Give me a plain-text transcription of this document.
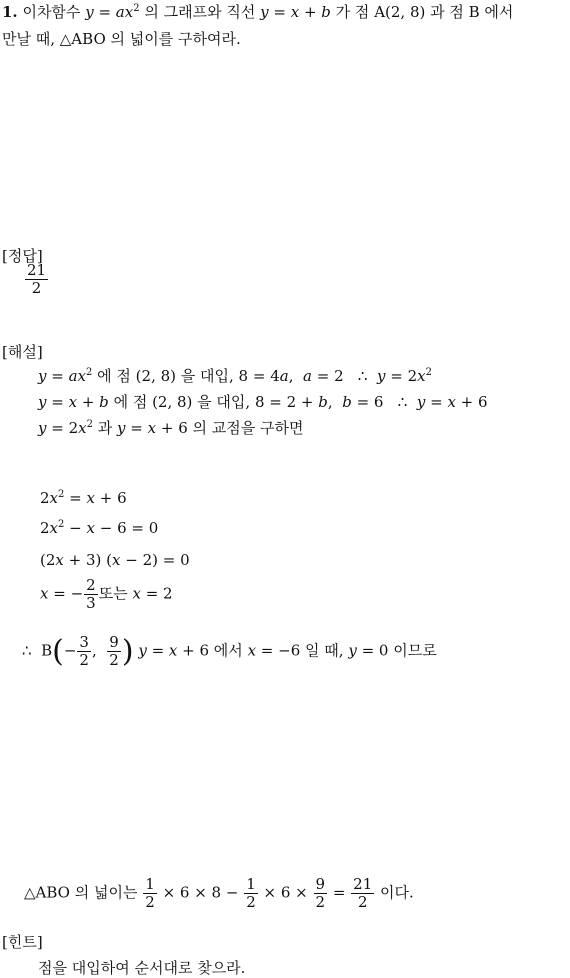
1. 이차함수 $y = ax^2$ 의 그래프와 직선 y = x + b 가 점 A(2, 8) 과 점 B 에서
만날 때, △ABO 의 넓이를 구하여라.
[정답]
$\frac{21}{2}$
[해설]
$y = ax^2$ 에 점 (2, 8) 을 대입, 8 = 4a,  a = 2   ∴  $y = 2x^2$
y = x + b 에 점 (2, 8) 을 대입, 8 = 2 + b,  b = 6   ∴  y = x + 6
$y = 2x^2$ 과 y = x + 6 의 교점을 구하면
$2x^2 = x + 6$
$2x^2 - x - 6 = 0$
(2x + 3) (x − 2) = 0
x = − $\frac{2}{3}$ 또는 x = 2
∴  $B(- \frac{3}{2}$ , $\frac{9}{2}$ ) y = x + 6 에서 x = −6 일 때, y = 0 이므로
△ABO 의 넓이는 $\frac{1}{2} \times 6 \times 8 - \frac{1}{2} \times 6 \times \frac{9}{2} = \frac{21}{2}$ 이다.
[힌트]
점을 대입하여 순서대로 찾으라.
